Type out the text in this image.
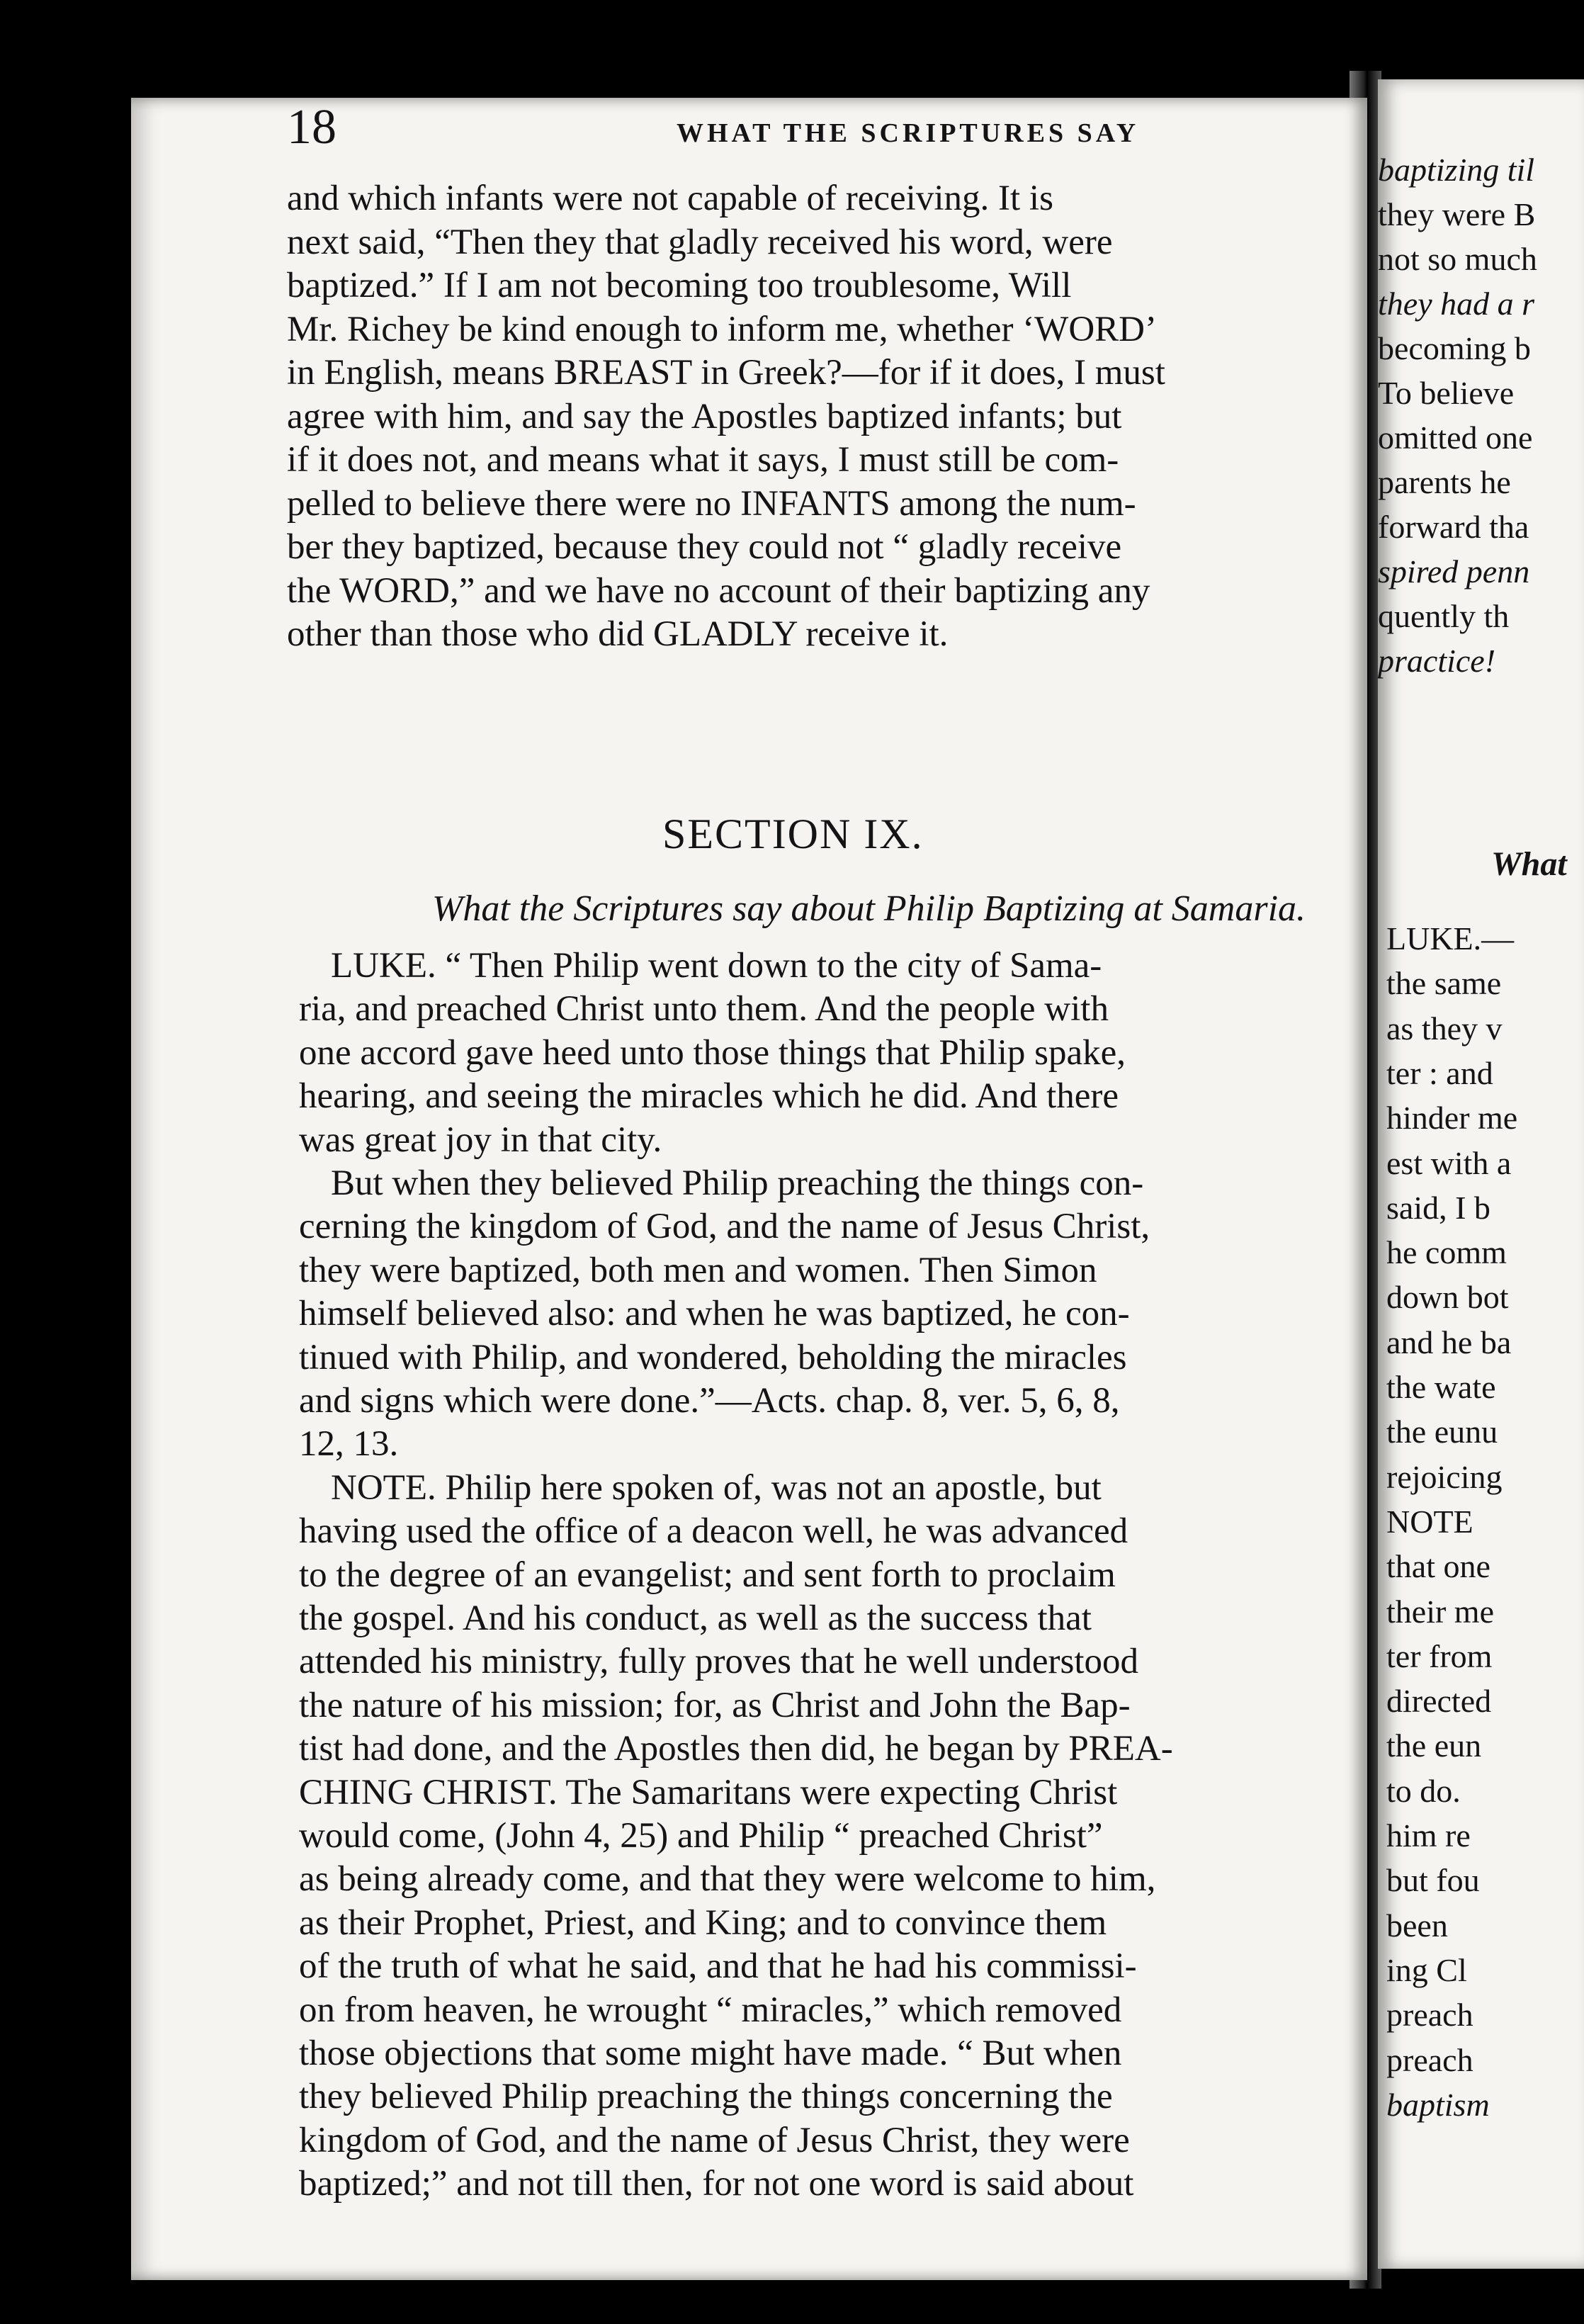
18	WHAT THE SCRIPTURES SAY
and which infants were not capable of receiving. It is
next said, “Then they that gladly received his word, were
baptized.” If I am not becoming too troublesome, Will
Mr. Richey be kind enough to inform me, whether ‘WORD’
in English, means BREAST in Greek?—for if it does, I must
agree with him, and say the Apostles baptized infants; but
if it does not, and means what it says, I must still be com-
pelled to believe there were no INFANTS among the num-
ber they baptized, because they could not “ gladly receive
the WORD,” and we have no account of their baptizing any
other than those who did GLADLY receive it.
SECTION IX.
What the Scriptures say about Philip Baptizing at Samaria.
LUKE. “ Then Philip went down to the city of Sama-
ria, and preached Christ unto them. And the people with
one accord gave heed unto those things that Philip spake,
hearing, and seeing the miracles which he did. And there
was great joy in that city.
But when they believed Philip preaching the things con-
cerning the kingdom of God, and the name of Jesus Christ,
they were baptized, both men and women. Then Simon
himself believed also: and when he was baptized, he con-
tinued with Philip, and wondered, beholding the miracles
and signs which were done.”—Acts. chap. 8, ver. 5, 6, 8,
12, 13.
NOTE. Philip here spoken of, was not an apostle, but
having used the office of a deacon well, he was advanced
to the degree of an evangelist; and sent forth to proclaim
the gospel. And his conduct, as well as the success that
attended his ministry, fully proves that he well understood
the nature of his mission; for, as Christ and John the Bap-
tist had done, and the Apostles then did, he began by PREA-
CHING CHRIST. The Samaritans were expecting Christ
would come, (John 4, 25) and Philip “ preached Christ”
as being already come, and that they were welcome to him,
as their Prophet, Priest, and King; and to convince them
of the truth of what he said, and that he had his commissi-
on from heaven, he wrought “ miracles,” which removed
those objections that some might have made. “ But when
they believed Philip preaching the things concerning the
kingdom of God, and the name of Jesus Christ, they were
baptized;” and not till then, for not one word is said about
baptizing til
they were B
not so much
they had a r
becoming b
To believe
omitted one
parents he
forward tha
spired penn
quently th
practice!
What
LUKE.—
the same
as they v
ter : and
hinder me
est with a
said, I b
he comm
down bot
and he ba
the wate
the eunu
rejoicing
NOTE
that one
their me
ter from
directed
the eun
to do.
him re
but fou
been
ing Cl
preach
preach
baptism
